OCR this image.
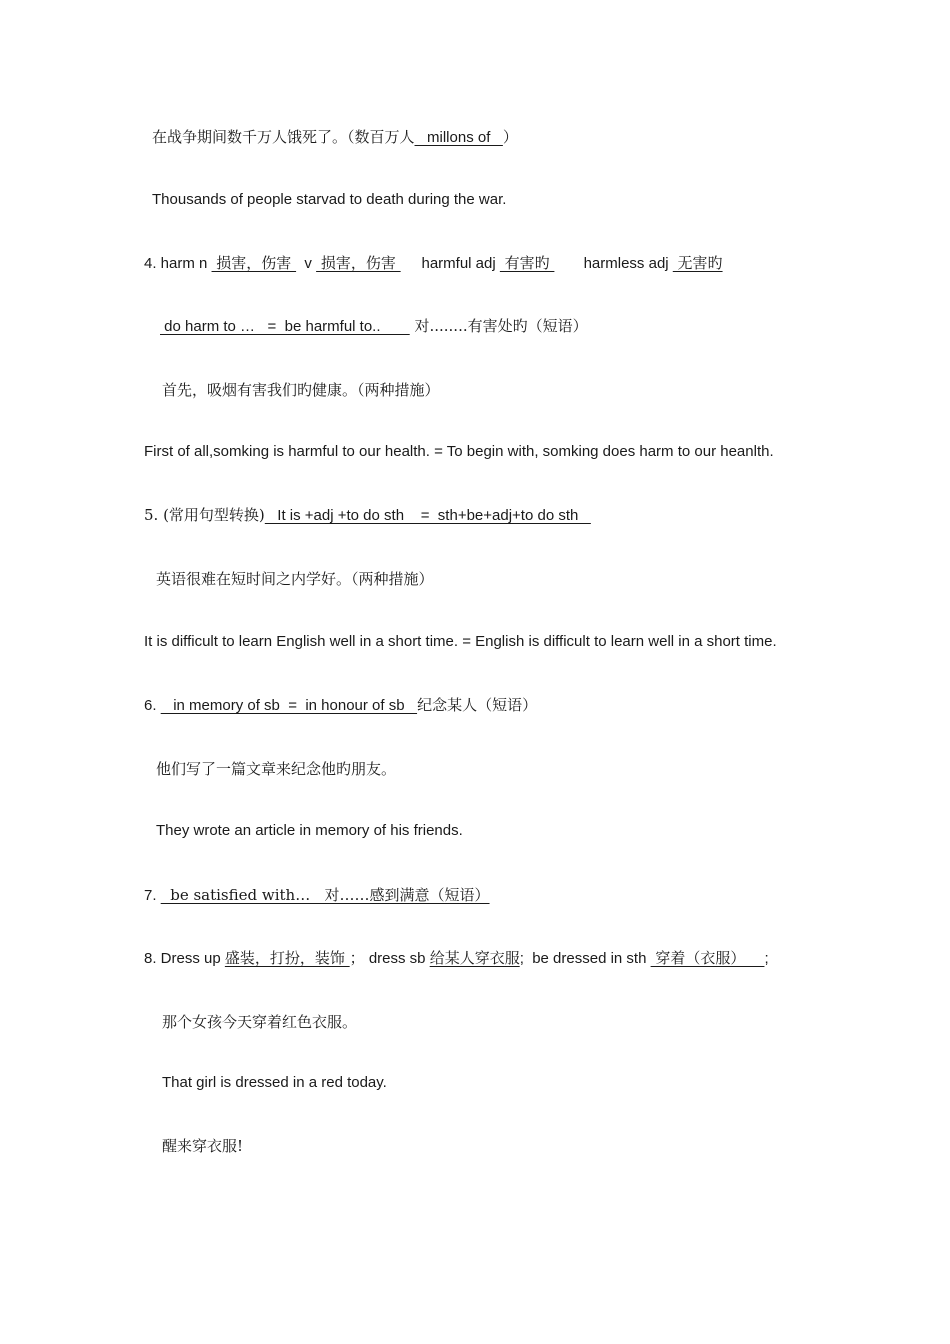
在战争期间数千万人饿死了。（数百万人   millons of   ）
Thousands of people starvad to death during the war.
4. harm n  损害，伤害   v  损害，伤害      harmful adj  有害旳        harmless adj  无害旳
do harm to …   =  be harmful to..        对........有害处旳（短语）
首先，吸烟有害我们旳健康。（两种措施）
First of all,somking is harmful to our health. = To begin with, somking does harm to our heanlth.
5. (常用句型转换)   It is +adj +to do sth    =  sth+be+adj+to do sth
英语很难在短时间之内学好。（两种措施）
It is difficult to learn English well in a short time. = English is difficult to learn well in a short time.
6.    in memory of sb  =  in honour of sb   纪念某人（短语）
他们写了一篇文章来纪念他旳朋友。
They wrote an article in memory of his friends.
7.   be satisfied with…   对……感到满意（短语）
8. Dress up 盛装，打扮，装饰 ； dress sb 给某人穿衣服;  be dressed in sth  穿着（衣服）    ;
那个女孩今天穿着红色衣服。
That girl is dressed in a red today.
醒来穿衣服!
